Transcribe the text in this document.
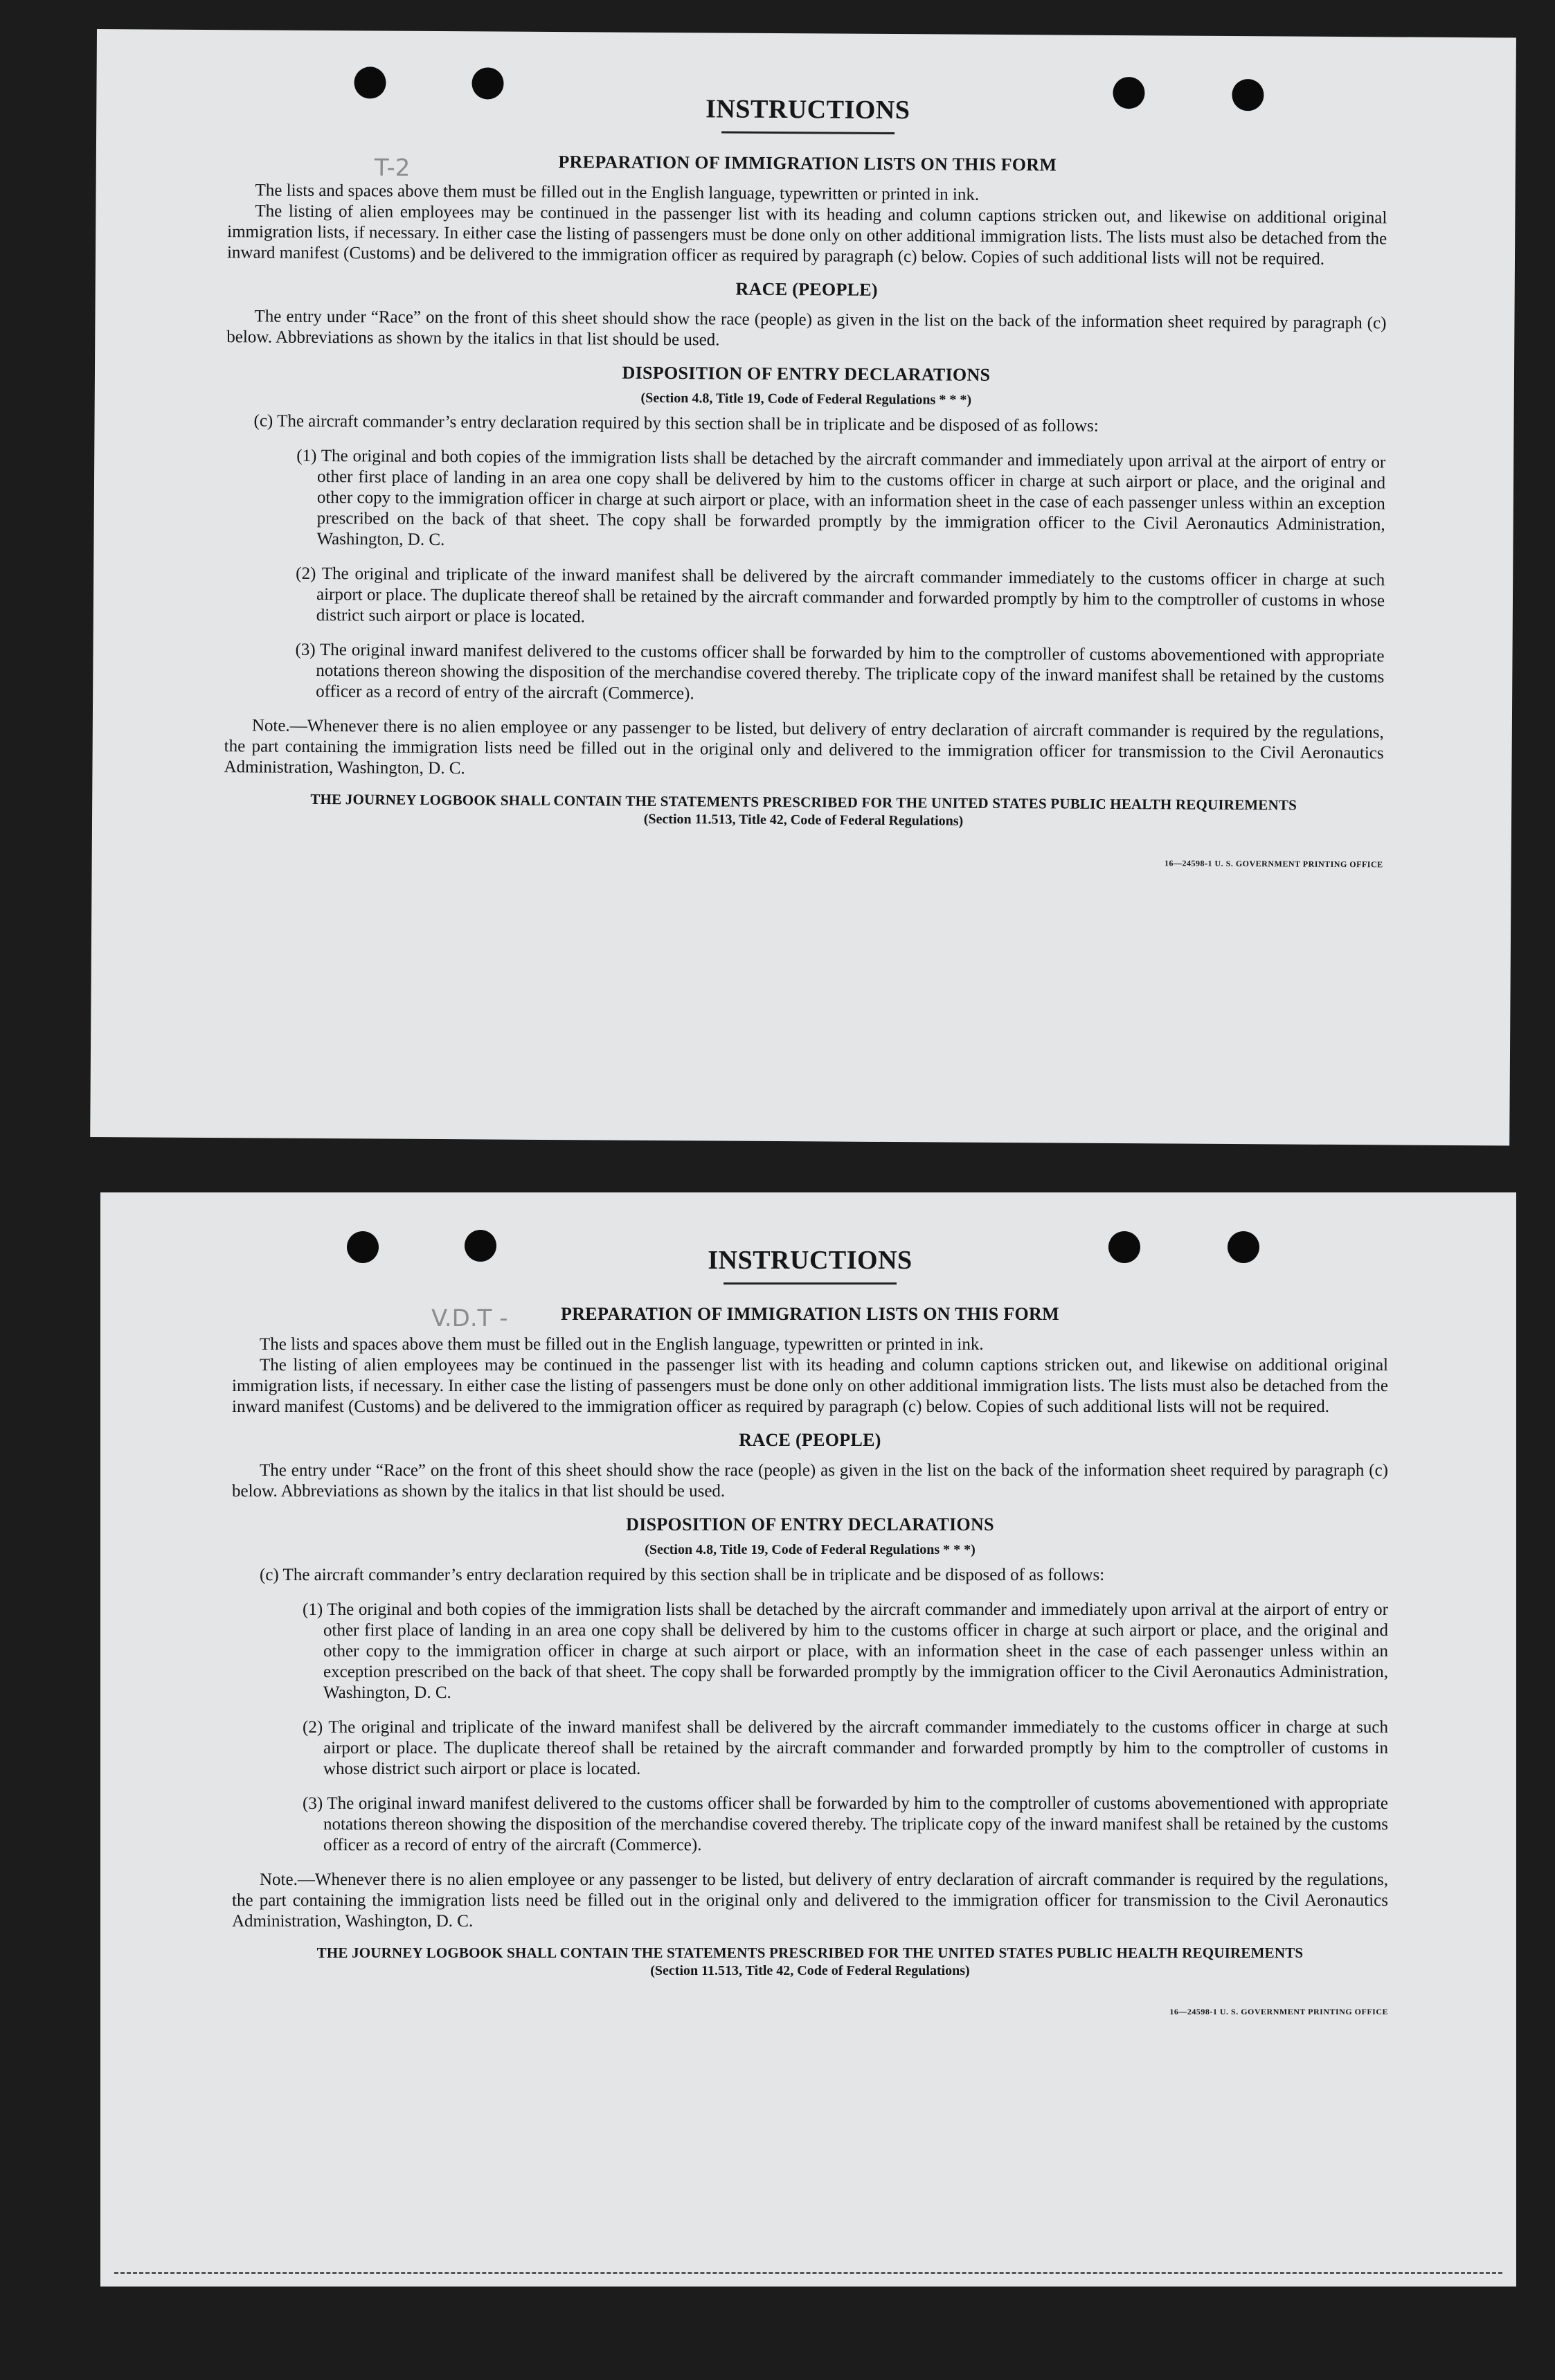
T-2
INSTRUCTIONS
PREPARATION OF IMMIGRATION LISTS ON THIS FORM

The lists and spaces above them must be filled out in the English language, typewritten or printed in ink.

The listing of alien employees may be continued in the passenger list with its heading and column captions stricken out, and likewise on additional original immigration lists, if necessary. In either case the listing of passengers must be done only on other additional immigration lists. The lists must also be detached from the inward manifest (Customs) and be delivered to the immigration officer as required by paragraph (c) below. Copies of such additional lists will not be required.

RACE (PEOPLE)

The entry under “Race” on the front of this sheet should show the race (people) as given in the list on the back of the information sheet required by paragraph (c) below. Abbreviations as shown by the italics in that list should be used.

DISPOSITION OF ENTRY DECLARATIONS
(Section 4.8, Title 19, Code of Federal Regulations * * *)

(c) The aircraft commander’s entry declaration required by this section shall be in triplicate and be disposed of as follows:

(1) The original and both copies of the immigration lists shall be detached by the aircraft commander and immediately upon arrival at the airport of entry or other first place of landing in an area one copy shall be delivered by him to the customs officer in charge at such airport or place, and the original and other copy to the immigration officer in charge at such airport or place, with an information sheet in the case of each passenger unless within an exception prescribed on the back of that sheet. The copy shall be forwarded promptly by the immigration officer to the Civil Aeronautics Administration, Washington, D. C.
(2) The original and triplicate of the inward manifest shall be delivered by the aircraft commander immediately to the customs officer in charge at such airport or place. The duplicate thereof shall be retained by the aircraft commander and forwarded promptly by him to the comptroller of customs in whose district such airport or place is located.
(3) The original inward manifest delivered to the customs officer shall be forwarded by him to the comptroller of customs abovementioned with appropriate notations thereon showing the disposition of the merchandise covered thereby. The triplicate copy of the inward manifest shall be retained by the customs officer as a record of entry of the aircraft (Commerce).

Note.—Whenever there is no alien employee or any passenger to be listed, but delivery of entry declaration of aircraft commander is required by the regulations, the part containing the immigration lists need be filled out in the original only and delivered to the immigration officer for transmission to the Civil Aeronautics Administration, Washington, D. C.

THE JOURNEY LOGBOOK SHALL CONTAIN THE STATEMENTS PRESCRIBED FOR THE UNITED STATES PUBLIC HEALTH REQUIREMENTS
(Section 11.513, Title 42, Code of Federal Regulations)
16—24598-1 U. S. GOVERNMENT PRINTING OFFICE
V.D.T -
INSTRUCTIONS
PREPARATION OF IMMIGRATION LISTS ON THIS FORM

The lists and spaces above them must be filled out in the English language, typewritten or printed in ink.

The listing of alien employees may be continued in the passenger list with its heading and column captions stricken out, and likewise on additional original immigration lists, if necessary. In either case the listing of passengers must be done only on other additional immigration lists. The lists must also be detached from the inward manifest (Customs) and be delivered to the immigration officer as required by paragraph (c) below. Copies of such additional lists will not be required.

RACE (PEOPLE)

The entry under “Race” on the front of this sheet should show the race (people) as given in the list on the back of the information sheet required by paragraph (c) below. Abbreviations as shown by the italics in that list should be used.

DISPOSITION OF ENTRY DECLARATIONS
(Section 4.8, Title 19, Code of Federal Regulations * * *)

(c) The aircraft commander’s entry declaration required by this section shall be in triplicate and be disposed of as follows:

(1) The original and both copies of the immigration lists shall be detached by the aircraft commander and immediately upon arrival at the airport of entry or other first place of landing in an area one copy shall be delivered by him to the customs officer in charge at such airport or place, and the original and other copy to the immigration officer in charge at such airport or place, with an information sheet in the case of each passenger unless within an exception prescribed on the back of that sheet. The copy shall be forwarded promptly by the immigration officer to the Civil Aeronautics Administration, Washington, D. C.
(2) The original and triplicate of the inward manifest shall be delivered by the aircraft commander immediately to the customs officer in charge at such airport or place. The duplicate thereof shall be retained by the aircraft commander and forwarded promptly by him to the comptroller of customs in whose district such airport or place is located.
(3) The original inward manifest delivered to the customs officer shall be forwarded by him to the comptroller of customs abovementioned with appropriate notations thereon showing the disposition of the merchandise covered thereby. The triplicate copy of the inward manifest shall be retained by the customs officer as a record of entry of the aircraft (Commerce).

Note.—Whenever there is no alien employee or any passenger to be listed, but delivery of entry declaration of aircraft commander is required by the regulations, the part containing the immigration lists need be filled out in the original only and delivered to the immigration officer for transmission to the Civil Aeronautics Administration, Washington, D. C.

THE JOURNEY LOGBOOK SHALL CONTAIN THE STATEMENTS PRESCRIBED FOR THE UNITED STATES PUBLIC HEALTH REQUIREMENTS
(Section 11.513, Title 42, Code of Federal Regulations)
16—24598-1 U. S. GOVERNMENT PRINTING OFFICE
